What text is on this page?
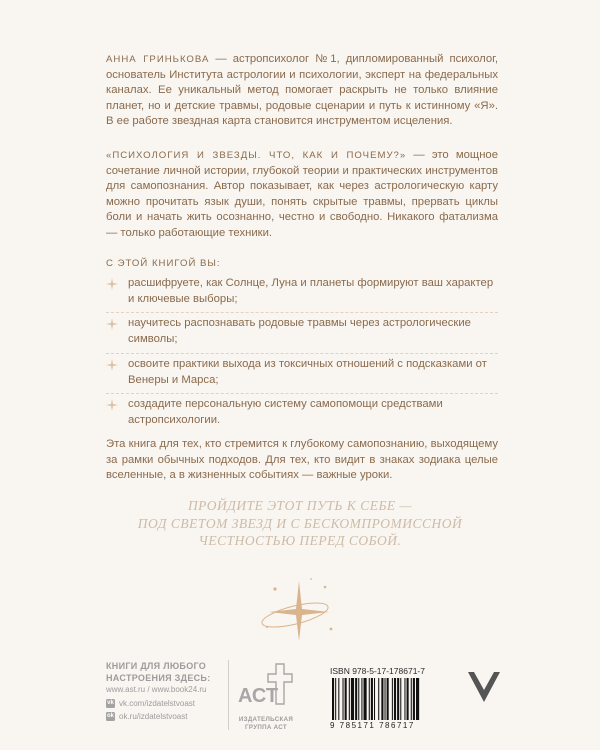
АННА ГРИНЬКОВА — астропсихолог №1, дипломированный психолог, основатель Института астрологии и психологии, эксперт на федеральных каналах. Ее уникальный метод помогает раскрыть не только влияние планет, но и детские травмы, родовые сценарии и путь к истинному «Я». В ее работе звездная карта становится инструментом исцеления.

«ПСИХОЛОГИЯ И ЗВЕЗДЫ. ЧТО, КАК И ПОЧЕМУ?» — это мощное сочетание личной истории, глубокой теории и практических инструментов для самопознания. Автор показывает, как через астрологическую карту можно прочитать язык души, понять скрытые травмы, прервать циклы боли и начать жить осознанно, честно и свободно. Никакого фатализма — только работающие техники.

С ЭТОЙ КНИГОЙ ВЫ:
расшифруете, как Солнце, Луна и планеты формируют ваш характер и ключевые выборы;
научитесь распознавать родовые травмы через астрологические символы;
освоите практики выхода из токсичных отношений с подсказками от Венеры и Марса;
создадите персональную систему самопомощи средствами астропсихологии.
Эта книга для тех, кто стремится к глубокому самопознанию, выходящему за рамки обычных подходов. Для тех, кто видит в знаках зодиака целые вселенные, а в жизненных событиях — важные уроки.
ПРОЙДИТЕ ЭТОТ ПУТЬ К СЕБЕ —
ПОД СВЕТОМ ЗВЕЗД И С БЕСКОМПРОМИССНОЙ
ЧЕСТНОСТЬЮ ПЕРЕД СОБОЙ.
КНИГИ ДЛЯ ЛЮБОГО
НАСТРОЕНИЯ ЗДЕСЬ:
www.ast.ru / www.book24.ru
vk vk.com/izdatelstvoast
ok ok.ru/izdatelstvoast
АСТ
ИЗДАТЕЛЬСКАЯ
ГРУППА АСТ
ISBN 978-5-17-178671-7
9 785171 786717
